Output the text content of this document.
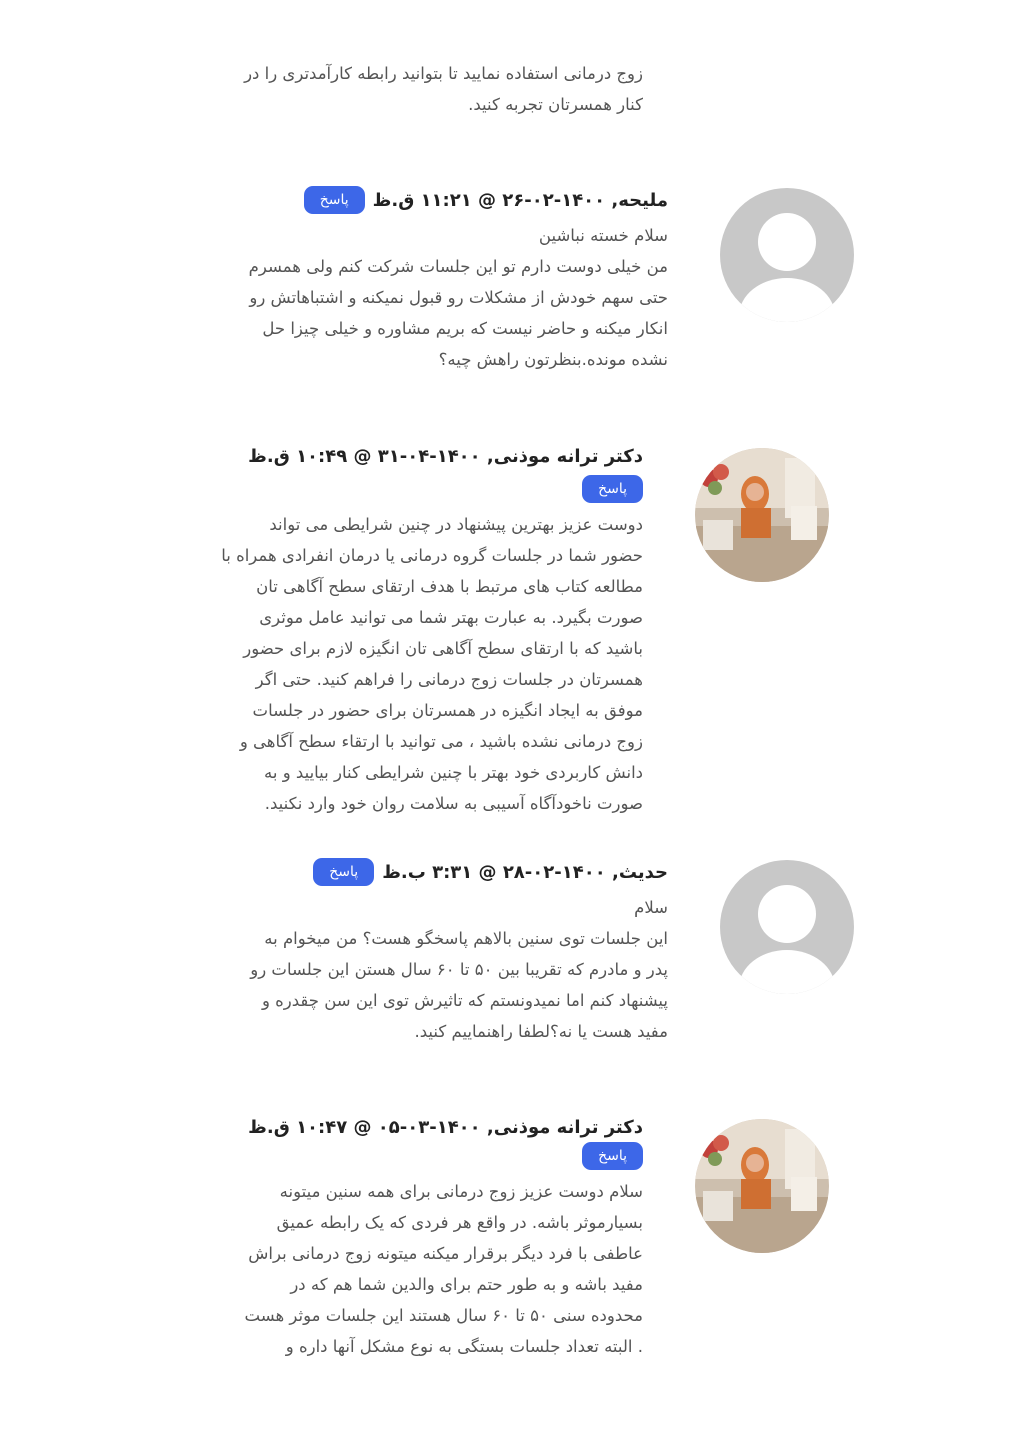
زوج درمانی استفاده نمایید تا بتوانید رابطه کارآمدتری را در
کنار همسرتان تجربه کنید.
ملیحه, ۱۴۰۰-۰۲-۲۶ @ ۱۱:۲۱ ق.ظ
پاسخ

سلام خسته نباشین

من خیلی دوست دارم تو این جلسات شرکت کنم ولی همسرم

حتی سهم خودش از مشکلات رو قبول نمیکنه و اشتباهاتش رو

انکار میکنه و حاضر نیست که بریم مشاوره و خیلی چیزا حل

نشده مونده.بنظرتون راهش چیه؟

دکتر ترانه موذنی, ۱۴۰۰-۰۴-۳۱ @ ۱۰:۴۹ ق.ظ
پاسخ

دوست عزیز بهترین پیشنهاد در چنین شرایطی می تواند

حضور شما در جلسات گروه درمانی یا درمان انفرادی همراه با

مطالعه کتاب های مرتبط با هدف ارتقای سطح آگاهی تان

صورت بگیرد. به عبارت بهتر شما می توانید عامل موثری

باشید که با ارتقای سطح آگاهی تان انگیزه لازم برای حضور

همسرتان در جلسات زوج درمانی را فراهم کنید. حتی اگر

موفق به ایجاد انگیزه در همسرتان برای حضور در جلسات

زوج درمانی نشده باشید ، می توانید با ارتقاء سطح آگاهی و

دانش کاربردی خود بهتر با چنین شرایطی کنار بیایید و به

صورت ناخودآگاه آسیبی به سلامت روان خود وارد نکنید.

حدیث, ۱۴۰۰-۰۲-۲۸ @ ۳:۳۱ ب.ظ
پاسخ

سلام

این جلسات توی سنین بالاهم پاسخگو هست؟ من میخوام به

پدر و مادرم که تقریبا بین ۵۰ تا ۶۰ سال هستن این جلسات رو

پیشنهاد کنم اما نمیدونستم که تاثیرش توی این سن چقدره و

مفید هست یا نه؟لطفا راهنماییم کنید.

دکتر ترانه موذنی, ۱۴۰۰-۰۳-۰۵ @ ۱۰:۴۷ ق.ظ
پاسخ

سلام دوست عزیز زوج درمانی برای همه سنین میتونه

بسیارموثر باشه. در واقع هر فردی که یک رابطه عمیق

عاطفی با فرد دیگر برقرار میکنه میتونه زوج درمانی براش

مفید باشه و به طور حتم برای والدین شما هم که در

محدوده سنی ۵۰ تا ۶۰ سال هستند این جلسات موثر هست

. البته تعداد جلسات بستگی به نوع مشکل آنها داره و
